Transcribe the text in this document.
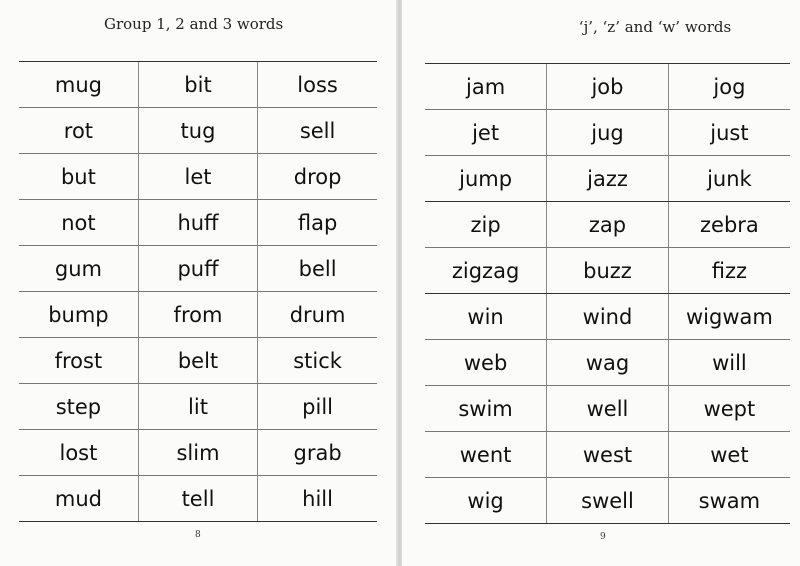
Group 1, 2 and 3 words
mug	bit	loss
rot	tug	sell
but	let	drop
not	huff	flap
gum	puff	bell
bump	from	drum
frost	belt	stick
step	lit	pill
lost	slim	grab
mud	tell	hill
8
‘j’, ‘z’ and ‘w’ words
jam	job	jog
jet	jug	just
jump	jazz	junk
zip	zap	zebra
zigzag	buzz	fizz
win	wind	wigwam
web	wag	will
swim	well	wept
went	west	wet
wig	swell	swam
9
